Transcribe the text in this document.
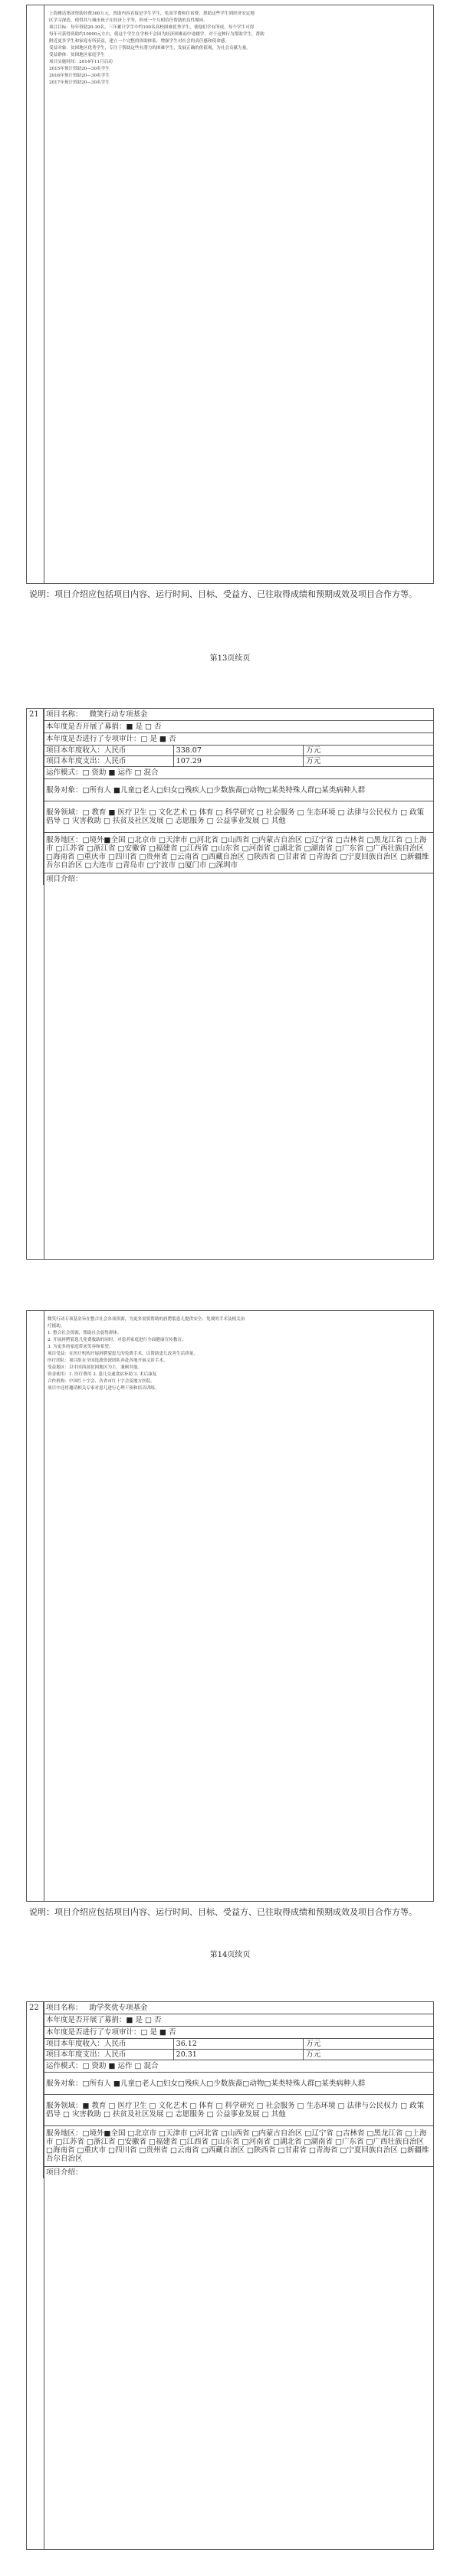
上海雅达集团资助经费300万元，资助内容直接是学生学生，免高学费和住宿费，帮助这些学生到经济安定地
区学习深造，使得其与城市孩子在经济上平等，形成一个互相信任帮助的良性循环。
项目目标：每年资助20-30名，三年累计学生中约100名高校困难优秀学生，使他们学有所成，每个学生可得
每年可获得资助约10000元左右，使这个学生在学校不会因为经济困难而中途辍学，对于这种行为帮助学生，帮助
附近更多学生和家庭有所获益，建立一个完整的资助体系，增强学生对社会的责任感和使命感。
受益对象：贫困地区优秀学生，专注于帮助这些有潜力的困难学生，发展正确的价值观，为社会贡献力量。
受益群体：贫困地区家庭学生
项目实施时间：2014年11月启动
2015年预计资助20—30名学生
2016年预计资助20—30名学生
2017年预计资助20—30名学生
说明：项目介绍应包括项目内容、运行时间、目标、受益方、已往取得成绩和预期成效及项目合作方等。
第13页续页
21 项目名称： 微笑行动专项基金		
本年度是否开展了募捐：■ 是 □ 否		
本年度是否进行了专项审计：□ 是 ■ 否		
项目本年度收入：人民币	338.07	万元
项目本年度支出：人民币	107.29	万元
运作模式：□ 资助 ■ 运作 □ 混合		
服务对象：□所有人 ■儿童□老人□妇女□残疾人□少数族裔□动物□某类特殊人群□某类病种人群		
服务领域：□ 教育 ■ 医疗卫生 □ 文化艺术 □ 体育 □ 科学研究 □ 社会服务 □ 生态环境 □ 法律与公民权力 □ 政策倡导 □ 灾害救助 □ 扶贫及社区发展 □ 志愿服务 □ 公益事业发展 □ 其他		
服务地区：□境外■全国 □北京市 □天津市 □河北省 □山西省 □内蒙古自治区 □辽宁省 □吉林省 □黑龙江省 □上海市 □江苏省 □浙江省 □安徽省 □福建省 □江西省 □山东省 □河南省 □湖北省 □湖南省 □广东省 □广西壮族自治区 □海南省 □重庆市 □四川省 □贵州省 □云南省 □西藏自治区 □陕西省 □甘肃省 □青海省 □宁夏回族自治区 □新疆维吾尔自治区 □大连市 □青岛市 □宁波市 □厦门市 □深圳市		
项目介绍：		
微笑行动专项基金旨在整合社会各项资源，为更多需要帮助的唇腭裂患儿提供安全、免费的手术及相关治
疗援助。
1. 整合社会资源，帮助社会弱势群体。
2. 开展唇腭裂患儿免费救助的同时，对患者家庭进行全面健康宣传教育。
3. 为更多的家庭带来笑容和希望。
项目受益：在医疗机构开展唇腭裂患儿的免费手术，以帮助患儿改善生活质量。
医疗团队：项目组在全国选派资深团队奔赴各地开展义诊手术。
受益地区：以中国西部贫困地区为主，兼顾其他。
资金使用：1. 医疗费用 2. 患儿交通食宿补助 3. 术后康复
合作机构：中国红十字会、各省市红十字会及地方医院。
项目中还将邀请相关专家对患儿进行心理干预和语音训练。
说明：项目介绍应包括项目内容、运行时间、目标、受益方、已往取得成绩和预期成效及项目合作方等。
第14页续页
22 项目名称： 助学奖优专项基金		
本年度是否开展了募捐：■ 是 □ 否		
本年度是否进行了专项审计：□ 是 ■ 否		
项目本年度收入：人民币	36.12	万元
项目本年度支出：人民币	20.31	万元
运作模式：□ 资助 ■ 运作 □ 混合		
服务对象：□所有人 ■儿童□老人□妇女□残疾人□少数族裔□动物□某类特殊人群□某类病种人群		
服务领域：■ 教育 □ 医疗卫生 □ 文化艺术 □ 体育 □ 科学研究 □ 社会服务 □ 生态环境 □ 法律与公民权力 □ 政策倡导 □ 灾害救助 □ 扶贫及社区发展 □ 志愿服务 □ 公益事业发展 □ 其他		
服务地区：□境外■全国 □北京市 □天津市 □河北省 □山西省 □内蒙古自治区 □辽宁省 □吉林省 □黑龙江省 □上海市 □江苏省 □浙江省 □安徽省 □福建省 □江西省 □山东省 □河南省 □湖北省 □湖南省 □广东省 □广西壮族自治区 □海南省 □重庆市 □四川省 □贵州省 □云南省 □西藏自治区 □陕西省 □甘肃省 □青海省 □宁夏回族自治区 □新疆维吾尔自治区		
项目介绍：		
